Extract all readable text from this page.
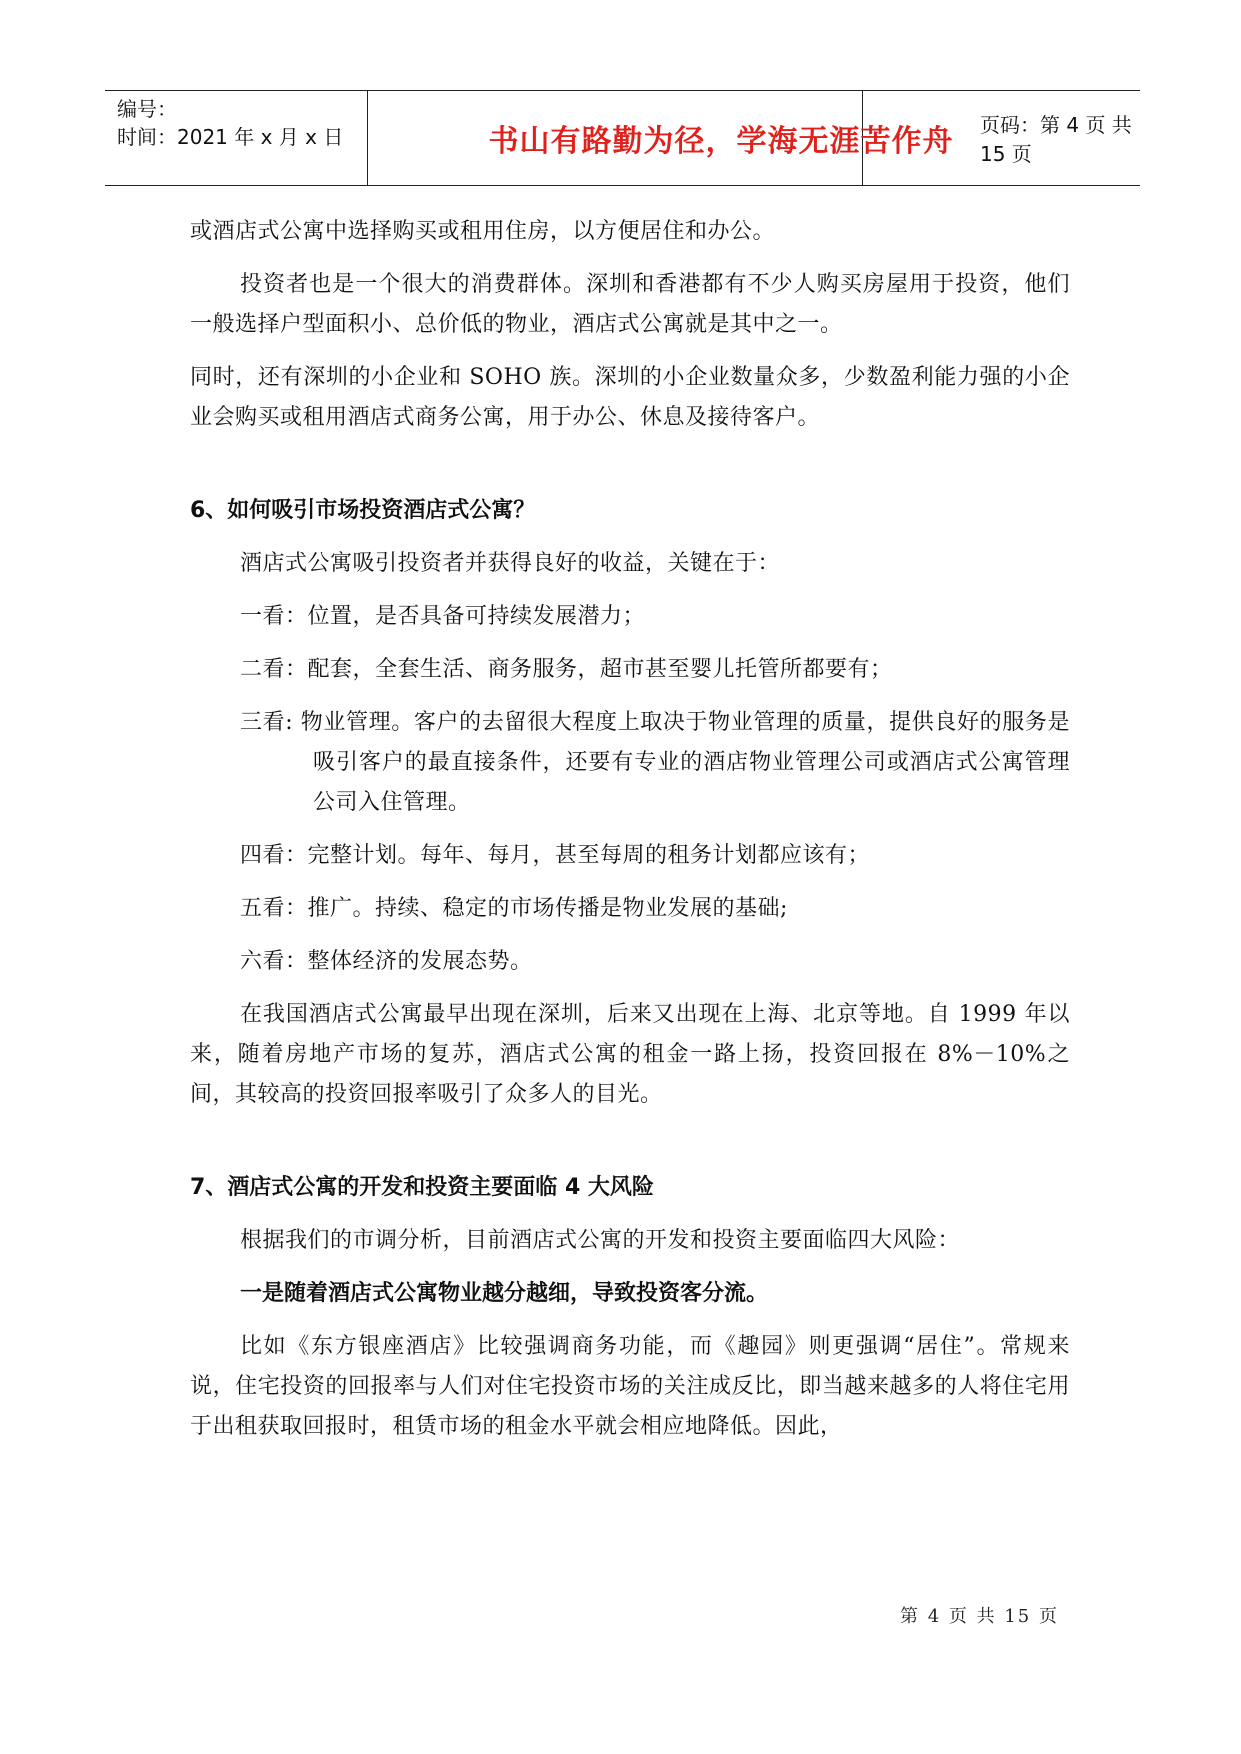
编号：
时间：2021 年 x 月 x 日	书山有路勤为径，学海无涯苦作舟	页码：第 4 页 共 15 页

或酒店式公寓中选择购买或租用住房，以方便居住和办公。

投资者也是一个很大的消费群体。深圳和香港都有不少人购买房屋用于投资，他们一般选择户型面积小、总价低的物业，酒店式公寓就是其中之一。

同时，还有深圳的小企业和 SOHO 族。深圳的小企业数量众多，少数盈利能力强的小企业会购买或租用酒店式商务公寓，用于办公、休息及接待客户。

6、如何吸引市场投资酒店式公寓？

酒店式公寓吸引投资者并获得良好的收益，关键在于：

一看：位置，是否具备可持续发展潜力；

二看：配套，全套生活、商务服务，超市甚至婴儿托管所都要有；

三看: 物业管理。客户的去留很大程度上取决于物业管理的质量，提供良好的服务是吸引客户的最直接条件，还要有专业的酒店物业管理公司或酒店式公寓管理公司入住管理。

四看：完整计划。每年、每月，甚至每周的租务计划都应该有；

五看：推广。持续、稳定的市场传播是物业发展的基础;

六看：整体经济的发展态势。

在我国酒店式公寓最早出现在深圳，后来又出现在上海、北京等地。自 1999 年以来，随着房地产市场的复苏，酒店式公寓的租金一路上扬，投资回报在 8%－10%之间，其较高的投资回报率吸引了众多人的目光。

7、酒店式公寓的开发和投资主要面临 4 大风险

根据我们的市调分析，目前酒店式公寓的开发和投资主要面临四大风险：

一是随着酒店式公寓物业越分越细，导致投资客分流。

比如《东方银座酒店》比较强调商务功能，而《趣园》则更强调“居住”。常规来说，住宅投资的回报率与人们对住宅投资市场的关注成反比，即当越来越多的人将住宅用于出租获取回报时，租赁市场的租金水平就会相应地降低。因此，

第 4 页 共 15 页
